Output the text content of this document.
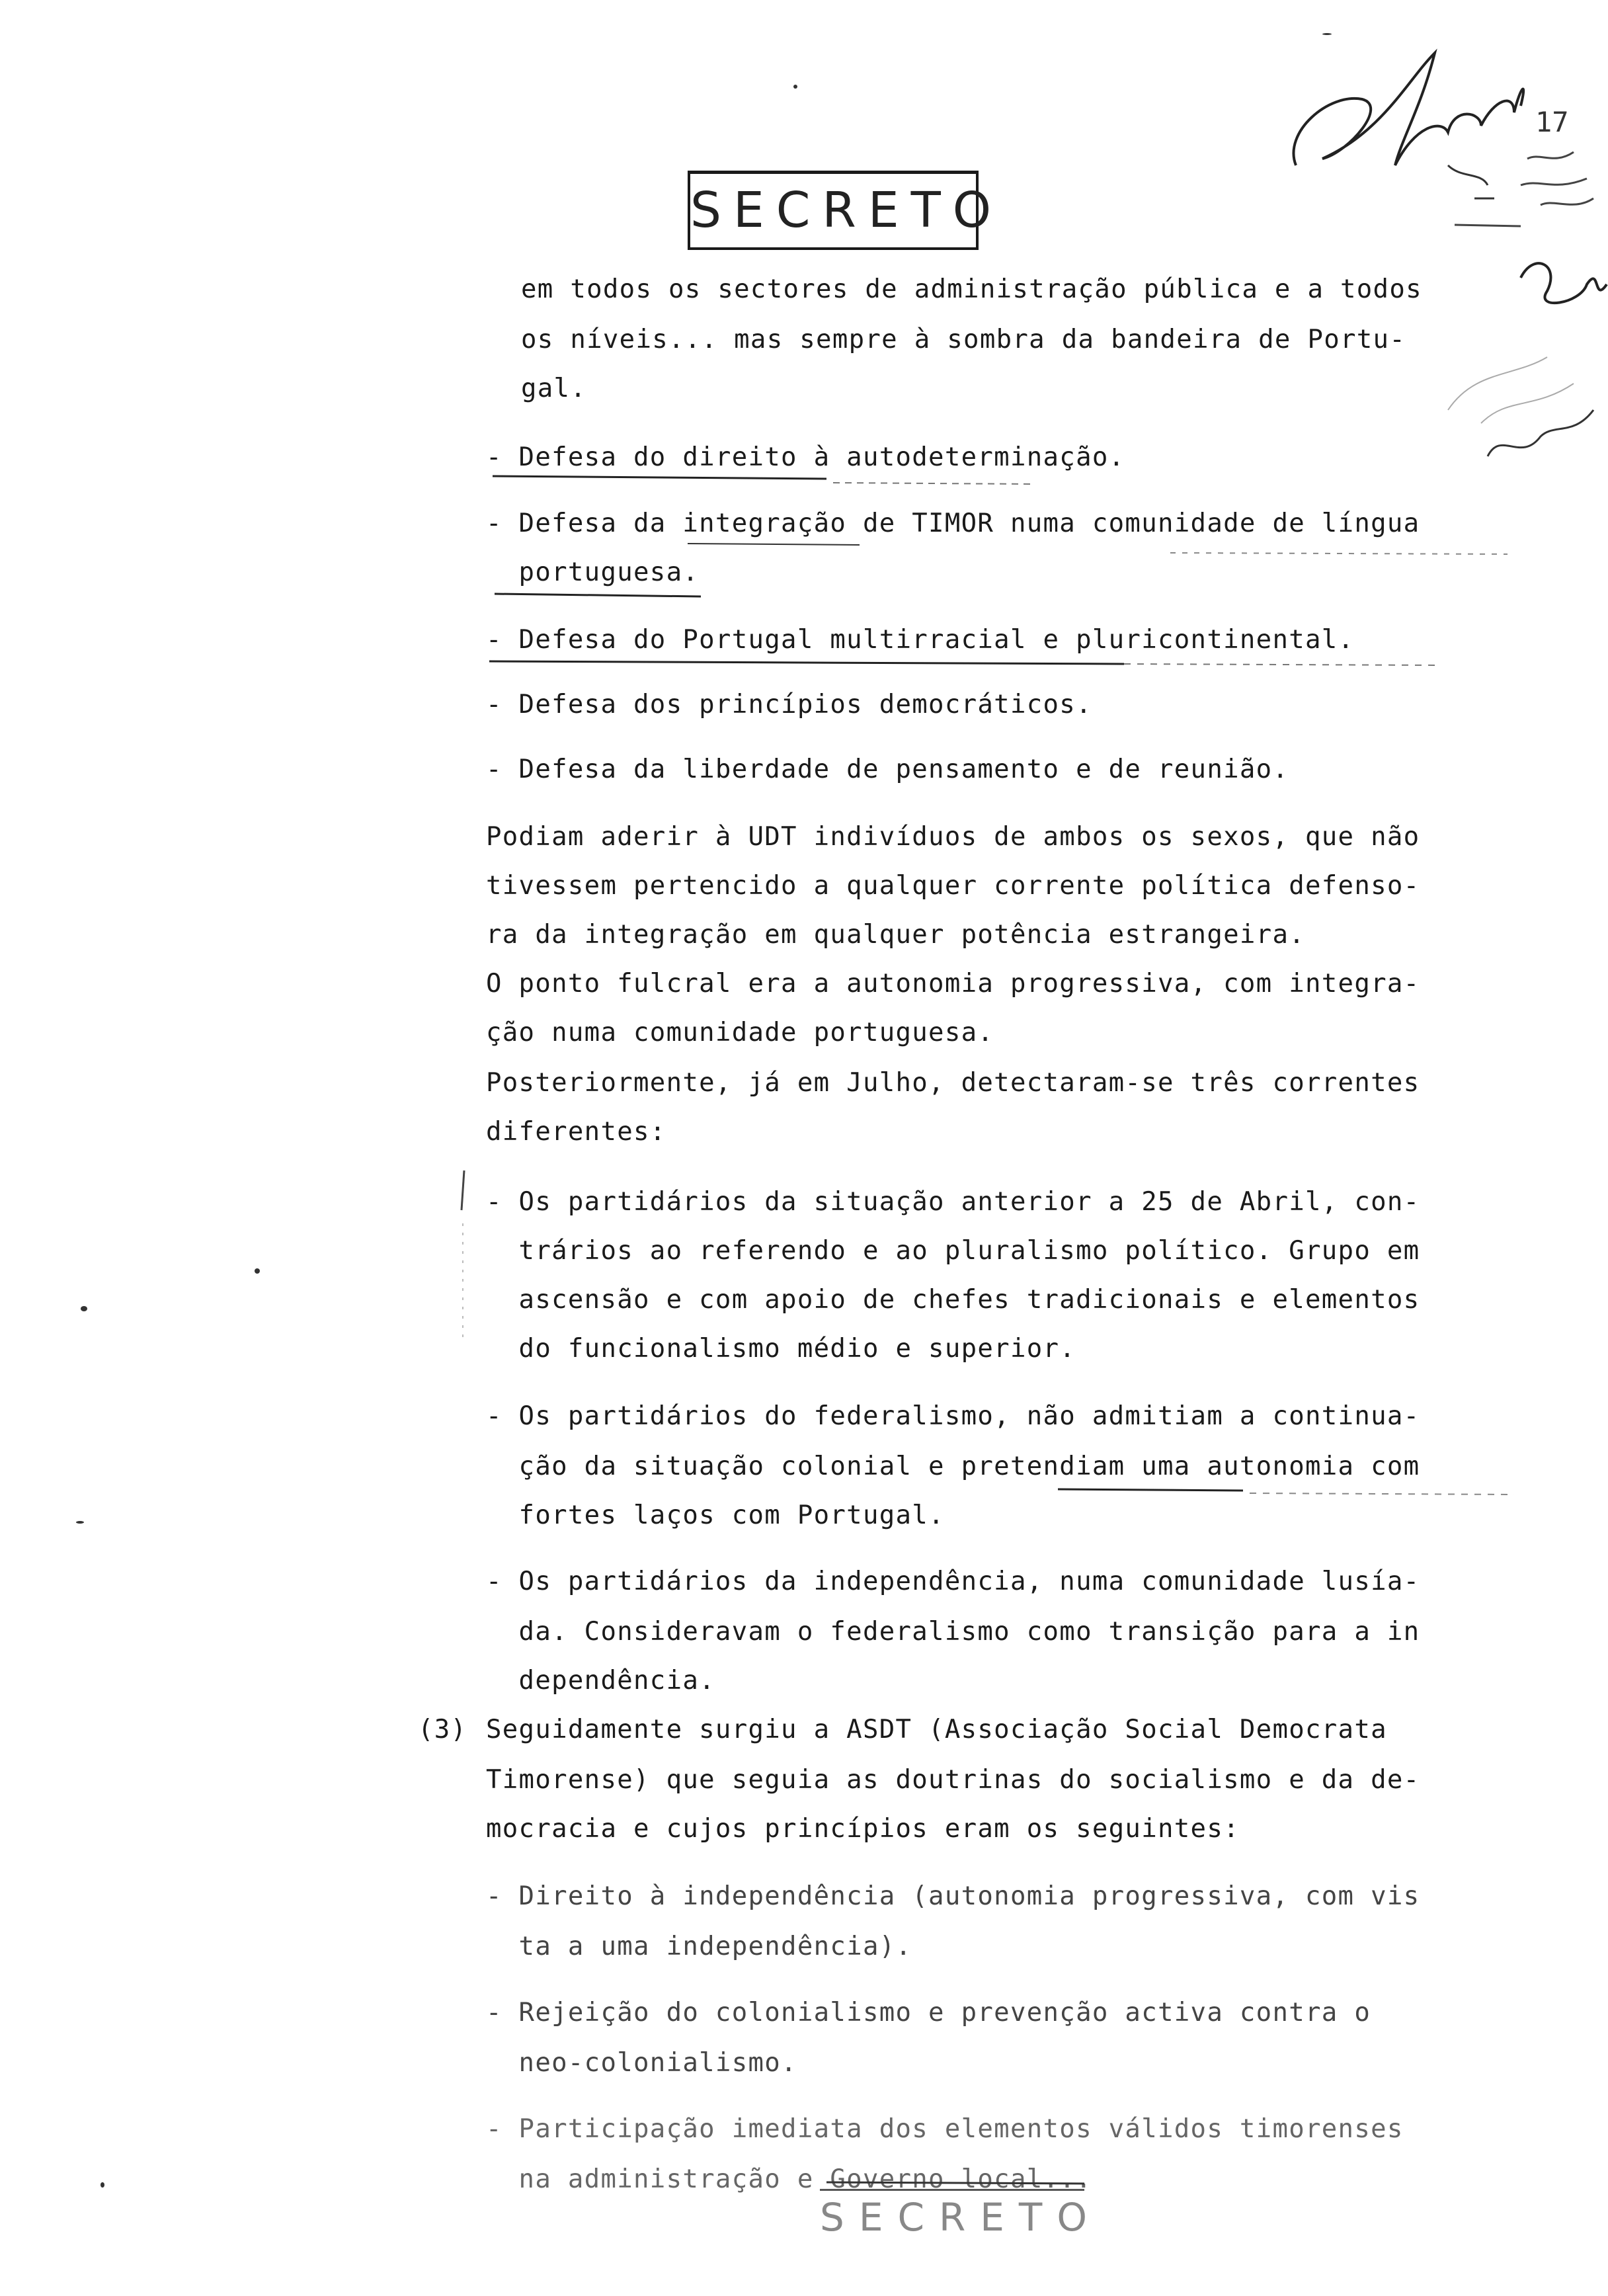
SECRETO
17
em todos os sectores de administração pública e a todos
os níveis... mas sempre à sombra da bandeira de Portu-
gal.
- Defesa do direito à autodeterminação.
- Defesa da integração de TIMOR numa comunidade de língua
portuguesa.
- Defesa do Portugal multirracial e pluricontinental.
- Defesa dos princípios democráticos.
- Defesa da liberdade de pensamento e de reunião.
Podiam aderir à UDT indivíduos de ambos os sexos, que não
tivessem pertencido a qualquer corrente política defenso-
ra da integração em qualquer potência estrangeira.
O ponto fulcral era a autonomia progressiva, com integra-
ção numa comunidade portuguesa.
Posteriormente, já em Julho, detectaram-se três correntes
diferentes:
- Os partidários da situação anterior a 25 de Abril, con-
trários ao referendo e ao pluralismo político. Grupo em
ascensão e com apoio de chefes tradicionais e elementos
do funcionalismo médio e superior.
- Os partidários do federalismo, não admitiam a continua-
ção da situação colonial e pretendiam uma autonomia com
fortes laços com Portugal.
- Os partidários da independência, numa comunidade lusía-
da. Consideravam o federalismo como transição para a in
dependência.
(3) Seguidamente surgiu a ASDT (Associação Social Democrata
Timorense) que seguia as doutrinas do socialismo e da de-
mocracia e cujos princípios eram os seguintes:
- Direito à independência (autonomia progressiva, com vis
ta a uma independência).
- Rejeição do colonialismo e prevenção activa contra o
neo-colonialismo.
- Participação imediata dos elementos válidos timorenses
na administração e Governo local...
SECRETO
